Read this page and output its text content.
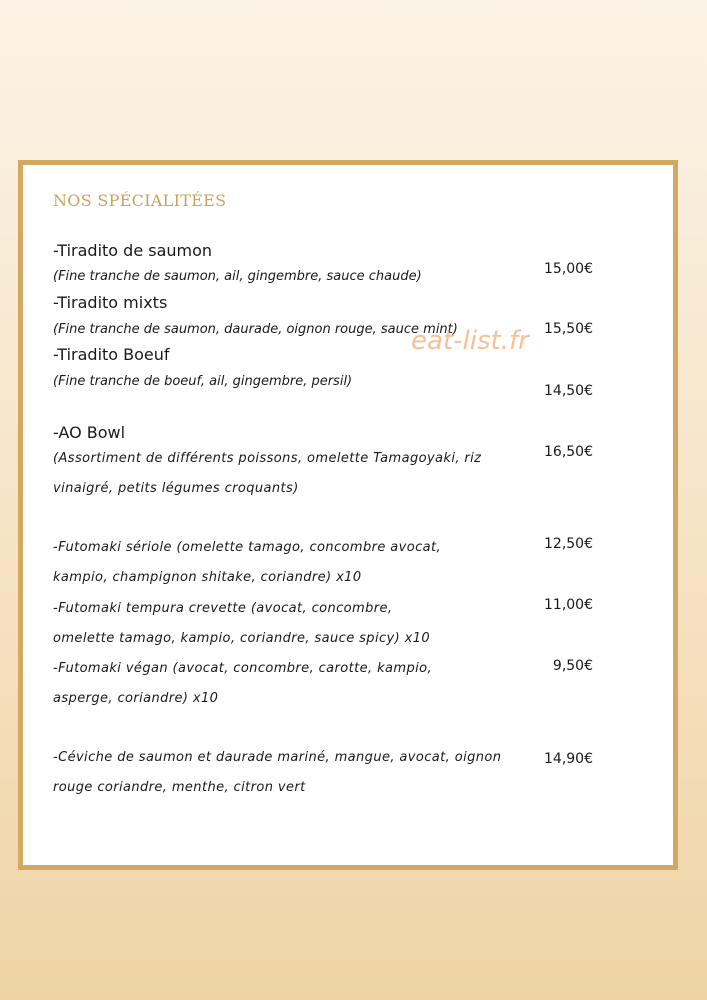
NOS SPÉCIALITÉES

-Tiradito de saumon

(Fine tranche de saumon, ail, gingembre, sauce chaude)	15,00€

-Tiradito mixts

(Fine tranche de saumon, daurade, oignon rouge, sauce mint)	15,50€

-Tiradito Boeuf

(Fine tranche de boeuf, ail, gingembre, persil)

14,50€

-AO Bowl

(Assortiment de différents poissons, omelette Tamagoyaki, riz vinaigré, petits légumes croquants)

16,50€

-Futomaki sériole (omelette tamago, concombre avocat, kampio, champignon shitake, coriandre) x10

12,50€

-Futomaki tempura crevette (avocat, concombre, omelette tamago, kampio, coriandre, sauce spicy) x10

11,00€

-Futomaki végan (avocat, concombre, carotte, kampio, asperge, coriandre) x10

9,50€

-Céviche de saumon et daurade mariné, mangue, avocat, oignon rouge coriandre, menthe, citron vert

14,90€
eat-list.fr
